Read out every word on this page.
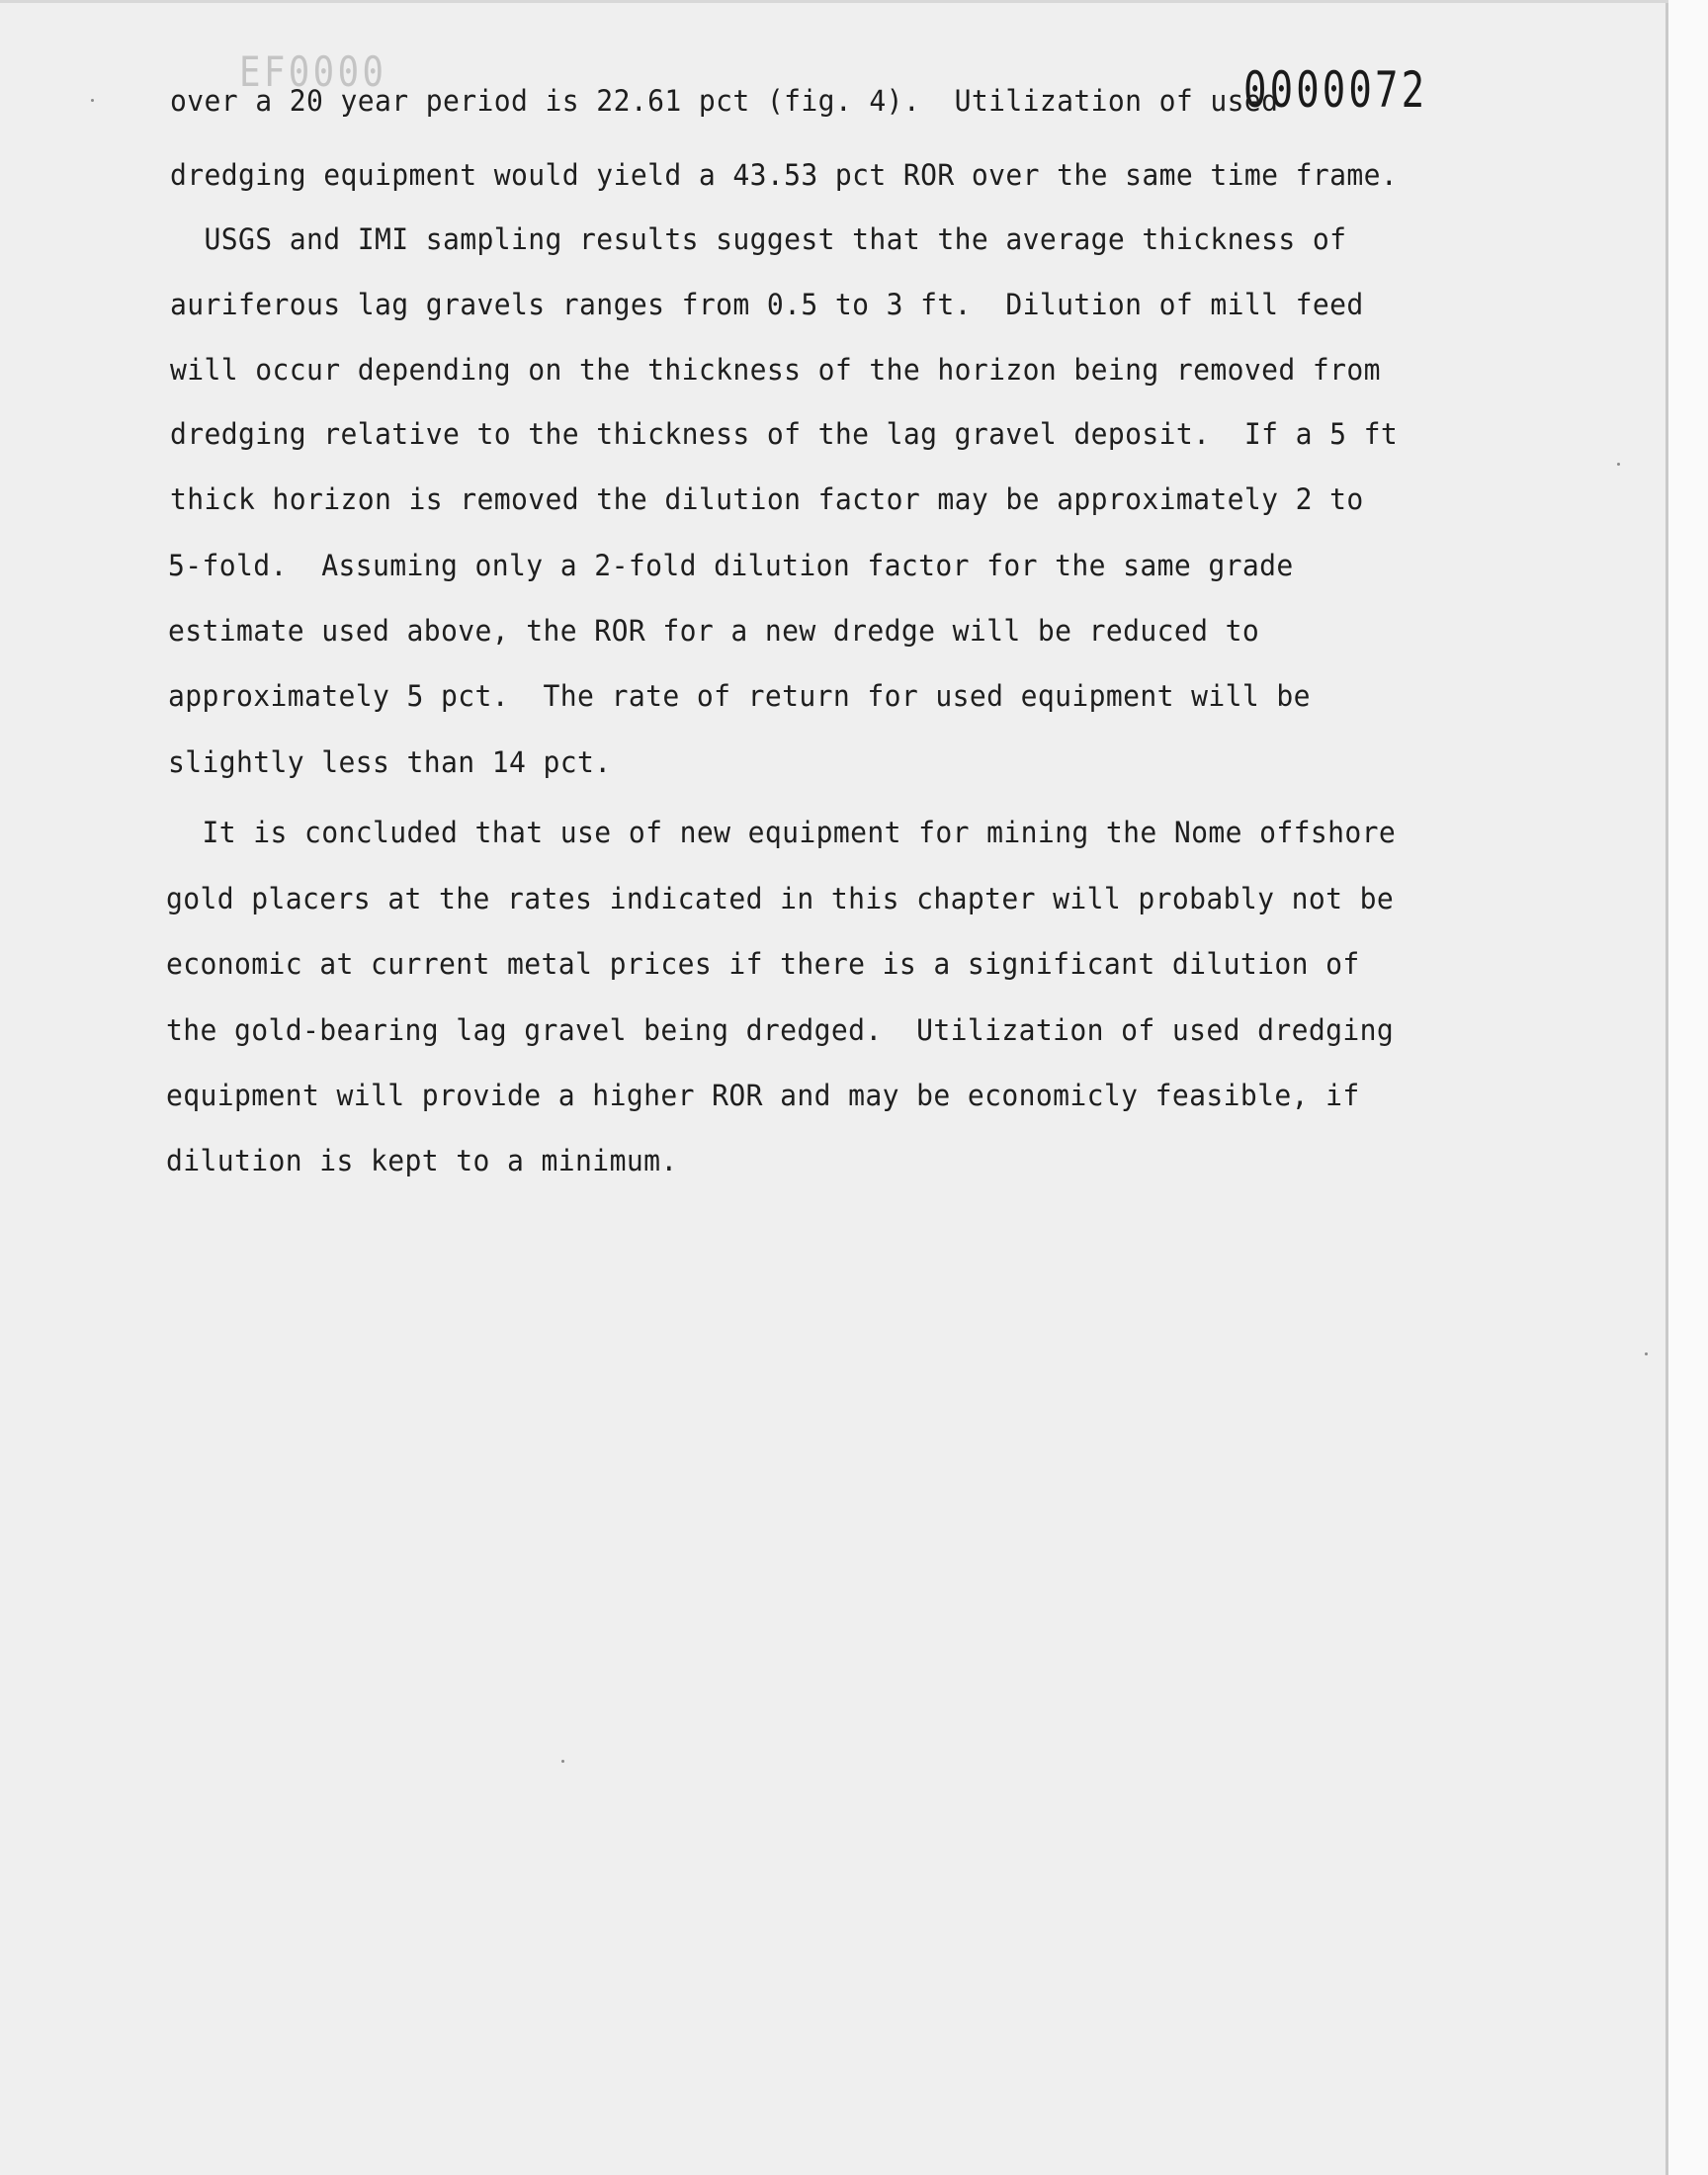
EF0000	0000072
over a 20 year period is 22.61 pct (fig. 4).  Utilization of used
dredging equipment would yield a 43.53 pct ROR over the same time frame.
USGS and IMI sampling results suggest that the average thickness of
auriferous lag gravels ranges from 0.5 to 3 ft.  Dilution of mill feed
will occur depending on the thickness of the horizon being removed from
dredging relative to the thickness of the lag gravel deposit.  If a 5 ft
thick horizon is removed the dilution factor may be approximately 2 to
5-fold.  Assuming only a 2-fold dilution factor for the same grade
estimate used above, the ROR for a new dredge will be reduced to
approximately 5 pct.  The rate of return for used equipment will be
slightly less than 14 pct.
It is concluded that use of new equipment for mining the Nome offshore
gold placers at the rates indicated in this chapter will probably not be
economic at current metal prices if there is a significant dilution of
the gold-bearing lag gravel being dredged.  Utilization of used dredging
equipment will provide a higher ROR and may be economicly feasible, if
dilution is kept to a minimum.
